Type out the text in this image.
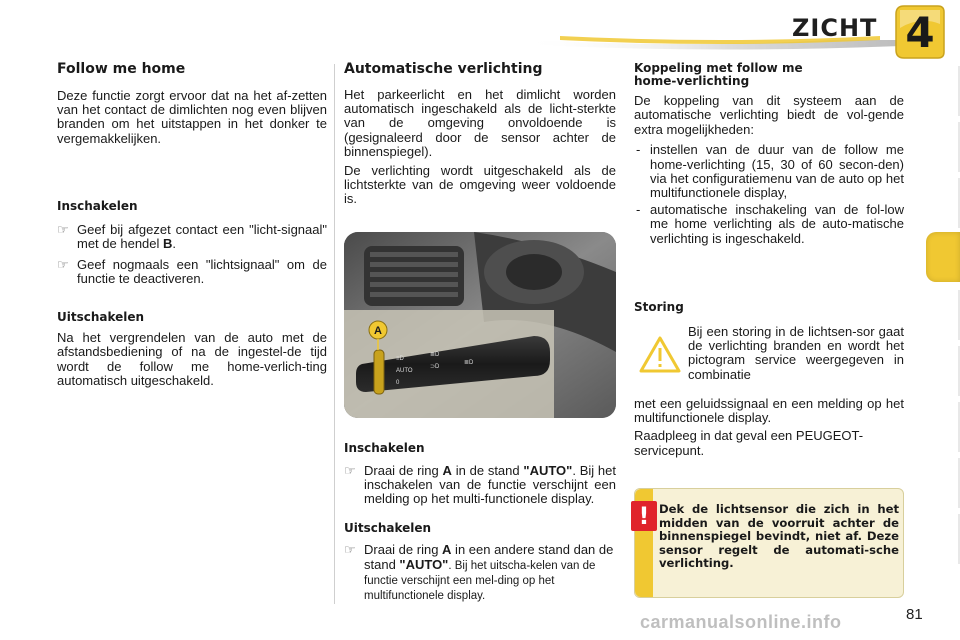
ZICHT 4
Follow me home
Deze functie zorgt ervoor dat na het af-zetten van het contact de dimlichten nog even blijven branden om het uitstappen in het donker te vergemakkelijken.
Inschakelen
☞ Geef bij afgezet contact een "licht-signaal" met de hendel B.
☞ Geef nogmaals een "lichtsignaal" om de functie te deactiveren.
Uitschakelen
Na het vergrendelen van de auto met de afstandsbediening of na de ingestel-de tijd wordt de follow me home-verlich-ting automatisch uitgeschakeld.
Automatische verlichting
Het parkeerlicht en het dimlicht worden automatisch ingeschakeld als de licht-sterkte van de omgeving onvoldoende is (gesignaleerd door de sensor achter de binnenspiegel).
De verlichting wordt uitgeschakeld als de lichtsterkte van de omgeving weer voldoende is.
≡D
AUTO
0
≣D
⊃D
≣D
A
Inschakelen
☞ Draai de ring A in de stand "AUTO". Bij het inschakelen van de functie verschijnt een melding op het multi-functionele display.
Uitschakelen
☞ Draai de ring A in een andere stand dan de stand "AUTO". Bij het uitscha-kelen van de functie verschijnt een mel-ding op het multifunctionele display.
Koppeling met follow me home-verlichting
De koppeling van dit systeem aan de automatische verlichting biedt de vol-gende extra mogelijkheden:
- instellen van de duur van de follow me home-verlichting (15, 30 of 60 secon-den) via het configuratiemenu van de auto op het multifunctionele display,
- automatische inschakeling van de fol-low me home verlichting als de auto-matische verlichting is ingeschakeld.
Storing
Bij een storing in de lichtsen-sor gaat de verlichting branden en wordt het pictogram service weergegeven in combinatie
met een geluidssignaal en een melding op het multifunctionele display.
Raadpleeg in dat geval een PEUGEOT-servicepunt.
! Dek de lichtsensor die zich in het midden van de voorruit achter de binnenspiegel bevindt, niet af. Deze sensor regelt de automati-sche verlichting.
carmanualsonline.info	81
